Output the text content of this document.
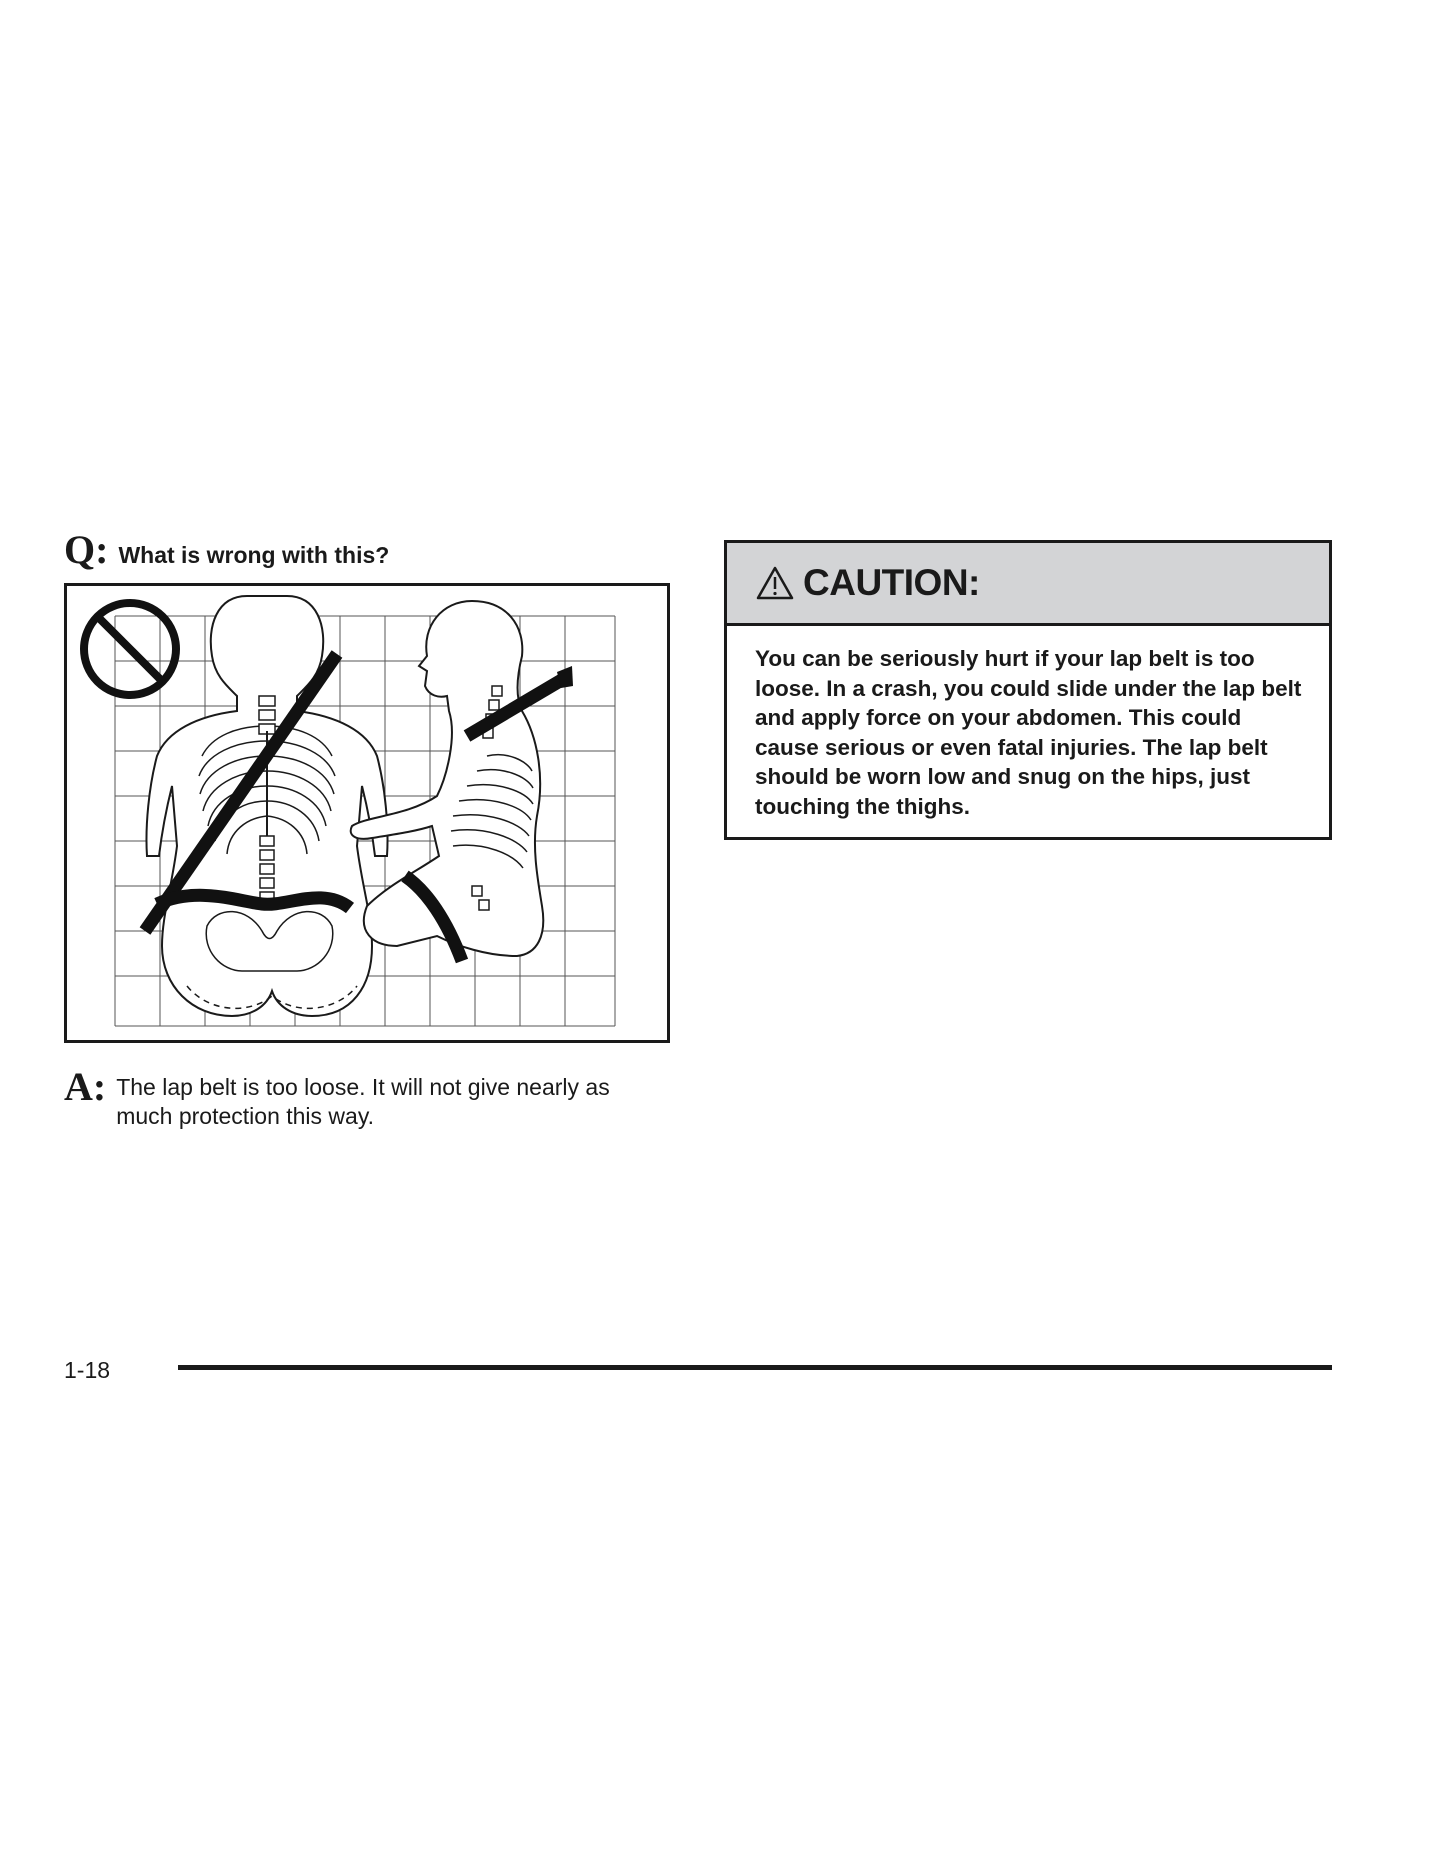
Q: What is wrong with this?
A: The lap belt is too loose. It will not give nearly as much protection this way.
CAUTION:
You can be seriously hurt if your lap belt is too loose. In a crash, you could slide under the lap belt and apply force on your abdomen. This could cause serious or even fatal injuries. The lap belt should be worn low and snug on the hips, just touching the thighs.
1-18
